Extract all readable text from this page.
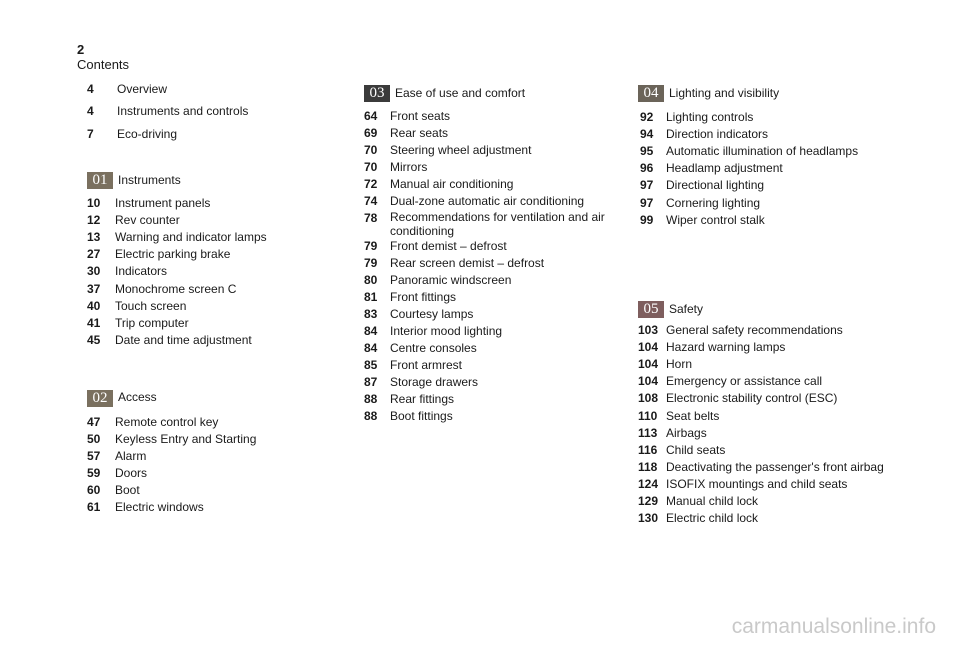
2
Contents
4 Overview
4 Instruments and controls
7 Eco-driving
01 Instruments
10 Instrument panels
12 Rev counter
13 Warning and indicator lamps
27 Electric parking brake
30 Indicators
37 Monochrome screen C
40 Touch screen
41 Trip computer
45 Date and time adjustment
02 Access
47 Remote control key
50 Keyless Entry and Starting
57 Alarm
59 Doors
60 Boot
61 Electric windows
03 Ease of use and comfort
64 Front seats
69 Rear seats
70 Steering wheel adjustment
70 Mirrors
72 Manual air conditioning
74 Dual-zone automatic air conditioning
78 Recommendations for ventilation and air conditioning
79 Front demist – defrost
79 Rear screen demist – defrost
80 Panoramic windscreen
81 Front fittings
83 Courtesy lamps
84 Interior mood lighting
84 Centre consoles
85 Front armrest
87 Storage drawers
88 Rear fittings
88 Boot fittings
04 Lighting and visibility
92 Lighting controls
94 Direction indicators
95 Automatic illumination of headlamps
96 Headlamp adjustment
97 Directional lighting
97 Cornering lighting
99 Wiper control stalk
05 Safety
103 General safety recommendations
104 Hazard warning lamps
104 Horn
104 Emergency or assistance call
108 Electronic stability control (ESC)
110 Seat belts
113 Airbags
116 Child seats
118 Deactivating the passenger's front airbag
124 ISOFIX mountings and child seats
129 Manual child lock
130 Electric child lock
carmanualsonline.info
